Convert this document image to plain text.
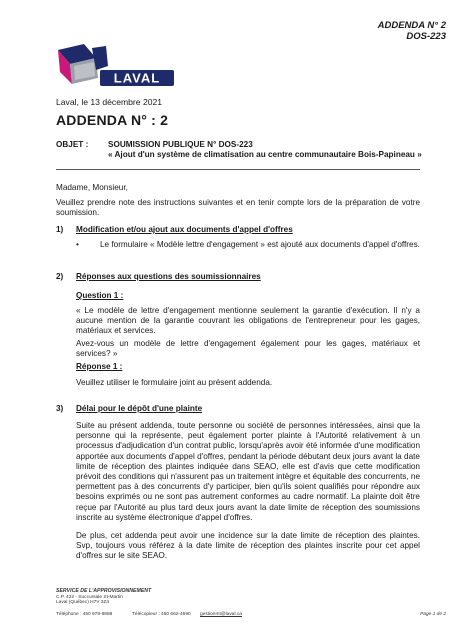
ADDENDA N° 2
DOS-223
LAVAL
Laval, le 13 décembre 2021
ADDENDA N° : 2
OBJET : SOUMISSION PUBLIQUE N° DOS-223
« Ajout d'un système de climatisation au centre communautaire Bois-Papineau »
Madame, Monsieur,
Veuillez prendre note des instructions suivantes et en tenir compte lors de la préparation de votre soumission.
1) Modification et/ou ajout aux documents d'appel d'offres
•	Le formulaire « Modèle lettre d'engagement » est ajouté aux documents d'appel d'offres.
2) Réponses aux questions des soumissionnaires
Question 1 :
« Le modèle de lettre d'engagement mentionne seulement la garantie d'exécution. Il n'y a aucune mention de la garantie couvrant les obligations de l'entrepreneur pour les gages, matériaux et services.
Avez-vous un modèle de lettre d'engagement également pour les gages, matériaux et services? »
Réponse 1 :
Veuillez utiliser le formulaire joint au présent addenda.
3) Délai pour le dépôt d'une plainte
Suite au présent addenda, toute personne ou société de personnes intéressées, ainsi que la personne qui la représente, peut également porter plainte à l'Autorité relativement à un processus d'adjudication d'un contrat public, lorsqu'après avoir été informée d'une modification apportée aux documents d'appel d'offres, pendant la période débutant deux jours avant la date limite de réception des plaintes indiquée dans SEAO, elle est d'avis que cette modification prévoit des conditions qui n'assurent pas un traitement intègre et équitable des concurrents, ne permettent pas à des concurrents d'y participer, bien qu'ils soient qualifiés pour répondre aux besoins exprimés ou ne sont pas autrement conformes au cadre normatif. La plainte doit être reçue par l'Autorité au plus tard deux jours avant la date limite de réception des soumissions inscrite au système électronique d'appel d'offres.
De plus, cet addenda peut avoir une incidence sur la date limite de réception des plaintes. Svp, toujours vous référez à la date limite de réception des plaintes inscrite pour cet appel d'offres sur le site SEAO.
SERVICE DE L'APPROVISIONNEMENT
C.P. 422 - Succursale St-Martin
Laval (Québec) H7V 3Z4
Téléphone : 450 978-6888	Télécopieur : 450 662-4590 gestionmt@laval.ca	Page 1 de 2
